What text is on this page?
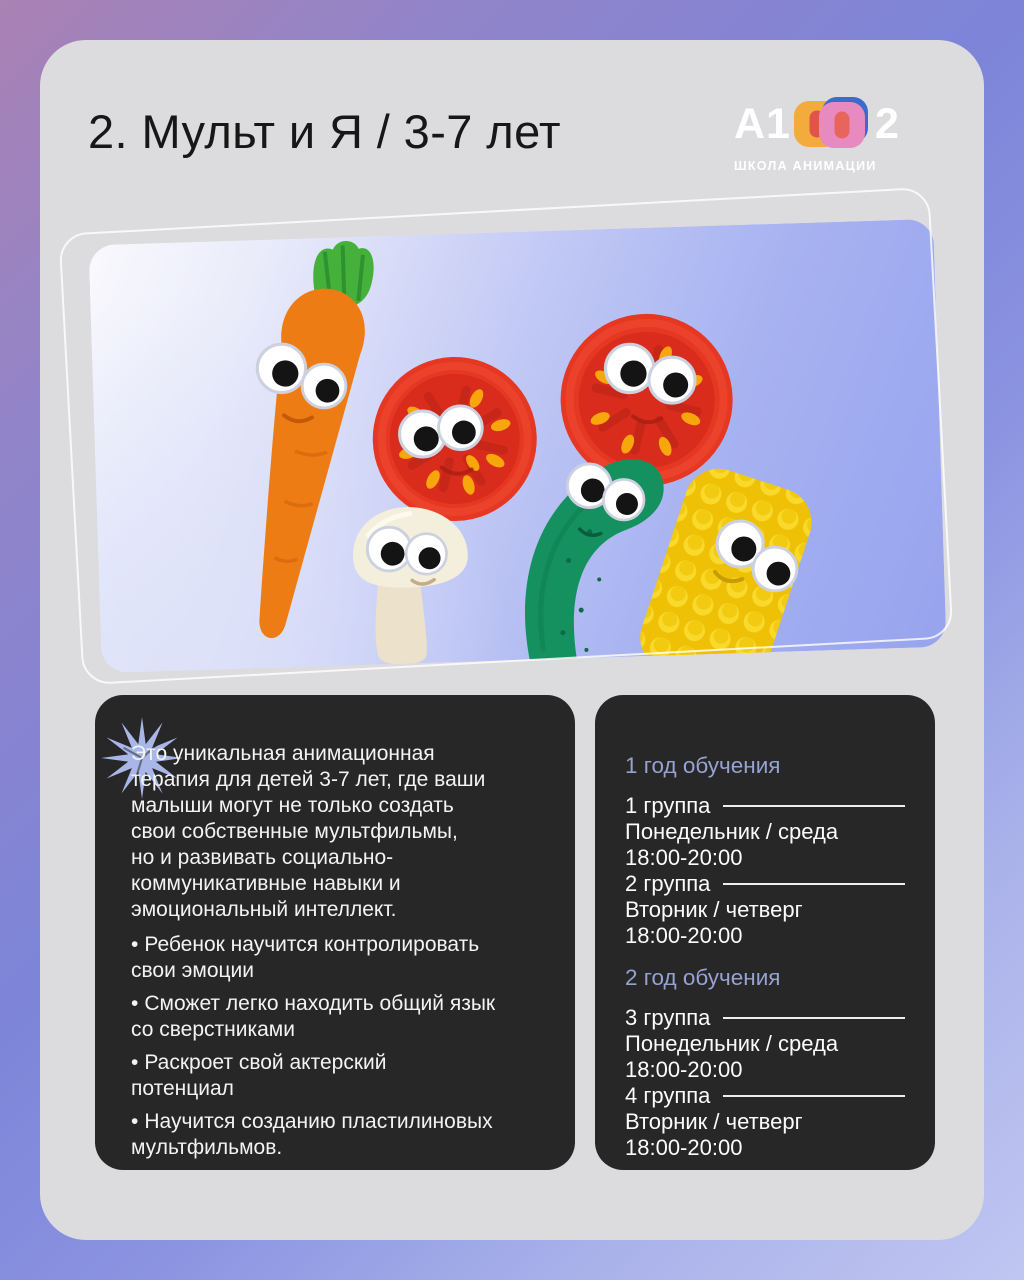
2. Мульт и Я / 3-7 лет	А1 2
ШКОЛА АНИМАЦИИ

Это уникальная анимационная
терапия для детей 3-7 лет, где ваши
малыши могут не только создать
свои собственные мультфильмы,
но и развивать социально-
коммуникативные навыки и
эмоциональный интеллект.

• Ребенок научится контролировать
свои эмоции
• Сможет легко находить общий язык
со сверстниками
• Раскроет свой актерский
потенциал
• Научится созданию пластилиновых
мультфильмов.
1 год обучения
1 группа
Понедельник / среда
18:00-20:00
2 группа
Вторник / четверг
18:00-20:00
2 год обучения
3 группа
Понедельник / среда
18:00-20:00
4 группа
Вторник / четверг
18:00-20:00
